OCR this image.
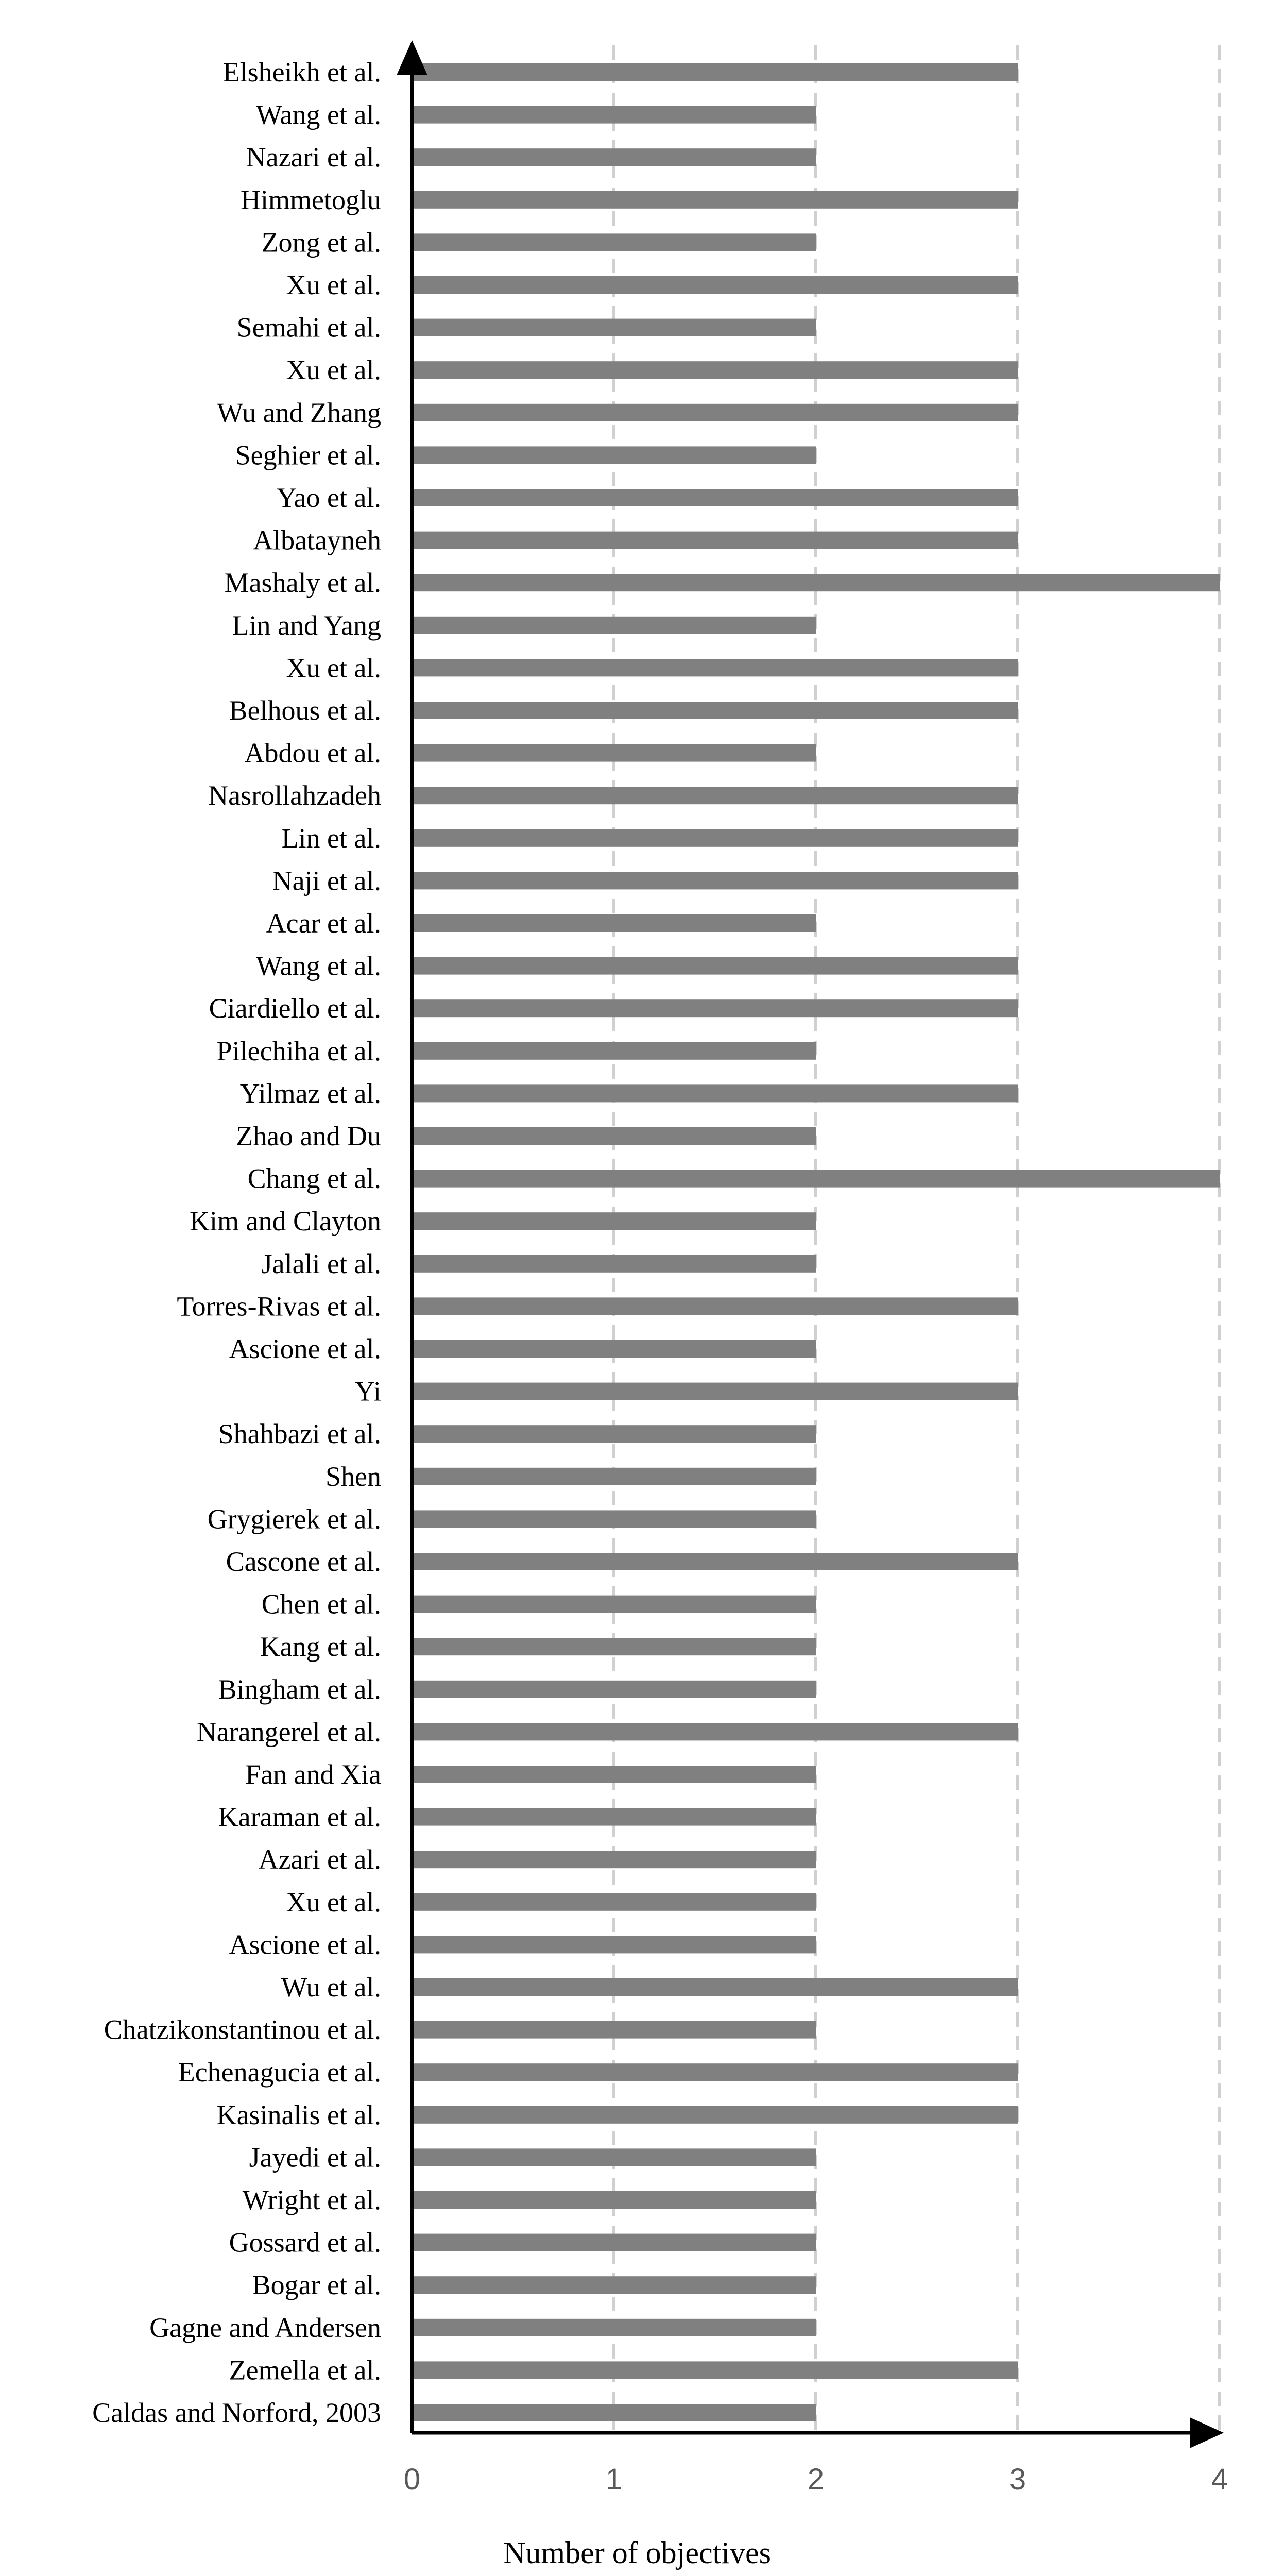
Elsheikh et al.
Wang et al.
Nazari et al.
Himmetoglu
Zong et al.
Xu et al.
Semahi et al.
Xu et al.
Wu and Zhang
Seghier et al.
Yao et al.
Albatayneh
Mashaly et al.
Lin and Yang
Xu et al.
Belhous et al.
Abdou et al.
Nasrollahzadeh
Lin et al.
Naji et al.
Acar et al.
Wang et al.
Ciardiello et al.
Pilechiha et al.
Yilmaz et al.
Zhao and Du
Chang et al.
Kim and Clayton
Jalali et al.
Torres-Rivas et al.
Ascione et al.
Yi
Shahbazi et al.
Shen
Grygierek et al.
Cascone et al.
Chen et al.
Kang et al.
Bingham et al.
Narangerel et al.
Fan and Xia
Karaman et al.
Azari et al.
Xu et al.
Ascione et al.
Wu et al.
Chatzikonstantinou et al.
Echenagucia et al.
Kasinalis et al.
Jayedi et al.
Wright et al.
Gossard et al.
Bogar et al.
Gagne and Andersen
Zemella et al.
Caldas and Norford, 2003
0	1	2	3	4
Number of objectives
